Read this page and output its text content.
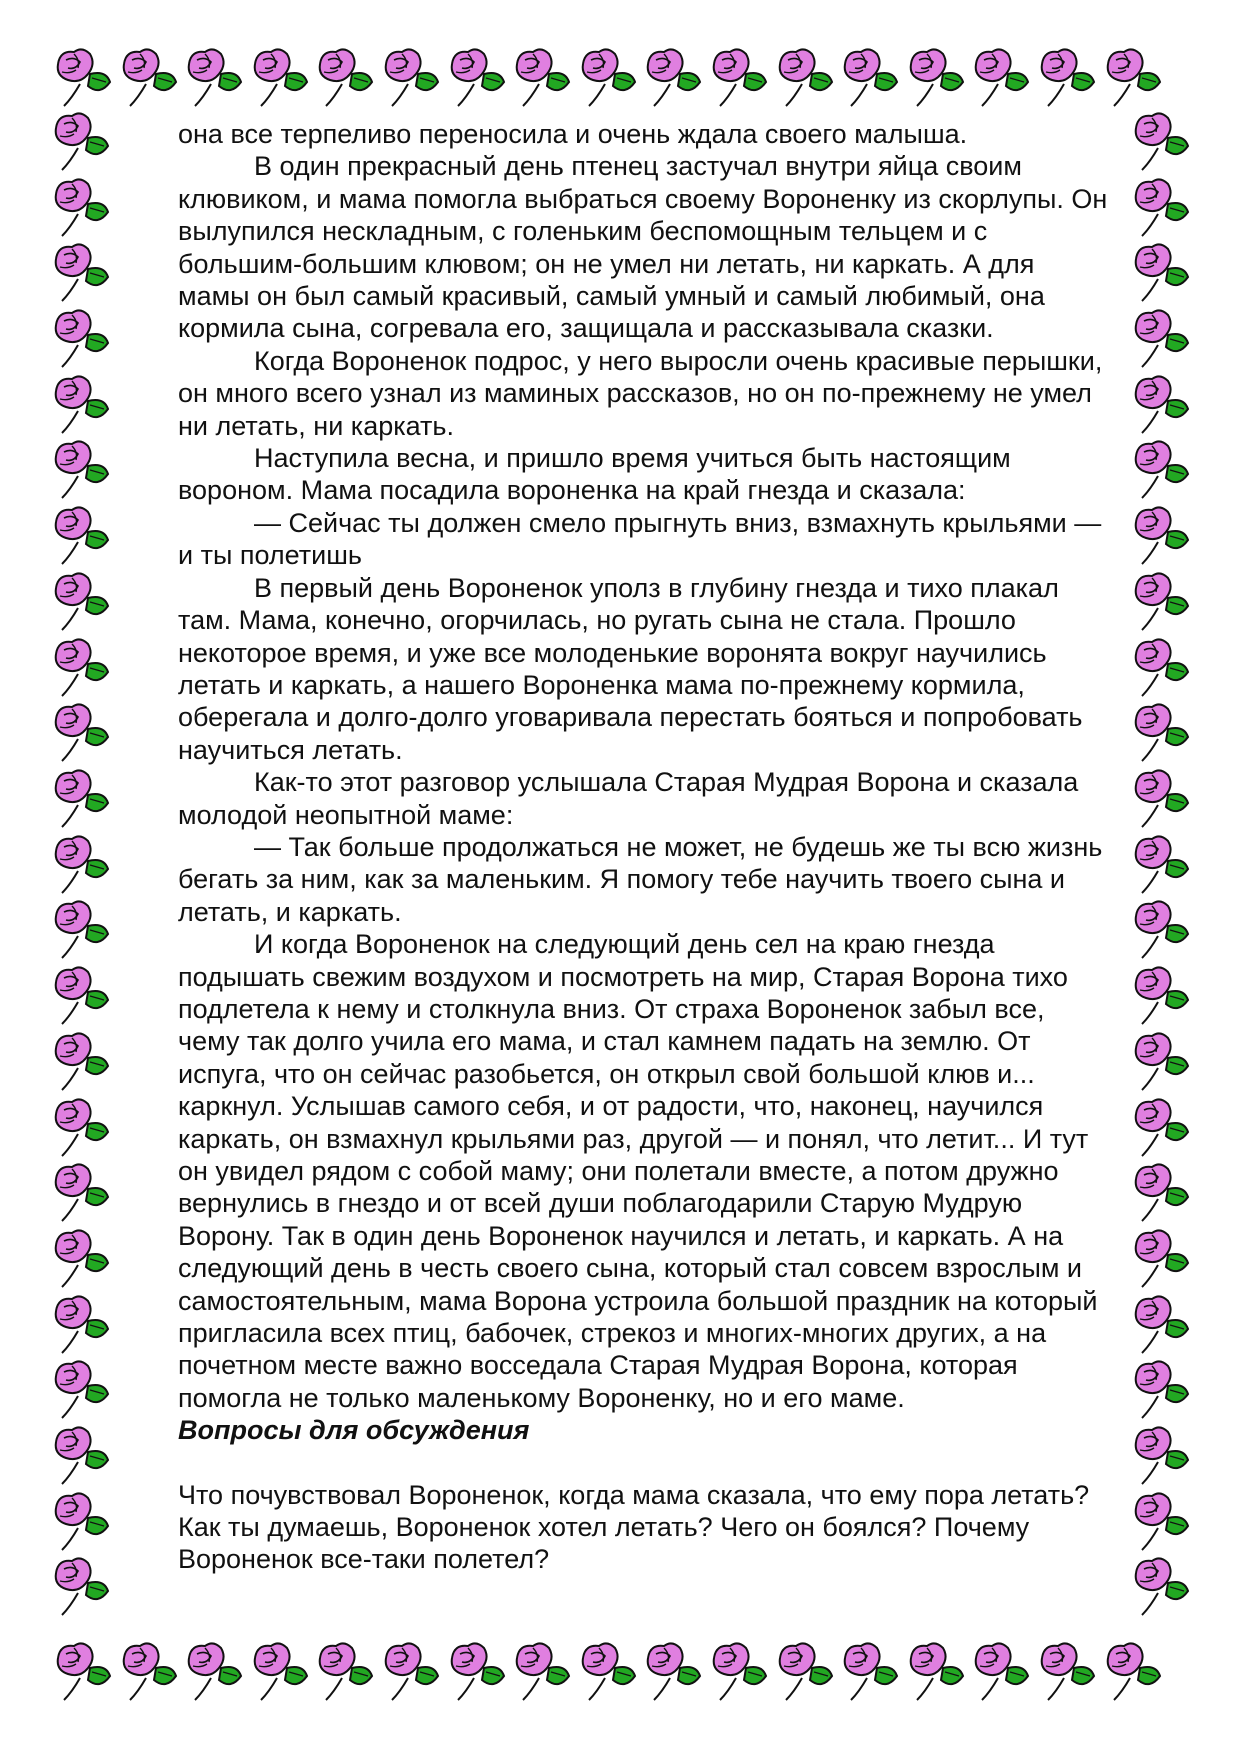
она все терпеливо переносила и очень ждала своего малыша.

В один прекрасный день птенец застучал внутри яйца своим

клювиком, и мама помогла выбраться своему Вороненку из скорлупы. Он

вылупился нескладным, с голеньким беспомощным тельцем и с

большим-большим клювом; он не умел ни летать, ни каркать. А для

мамы он был самый красивый, самый умный и самый любимый, она

кормила сына, согревала его, защищала и рассказывала сказки.

Когда Вороненок подрос, у него выросли очень красивые перышки,

он много всего узнал из маминых рассказов, но он по-прежнему не умел

ни летать, ни каркать.

Наступила весна, и пришло время учиться быть настоящим

вороном. Мама посадила вороненка на край гнезда и сказала:

— Сейчас ты должен смело прыгнуть вниз, взмахнуть крыльями —

и ты полетишь

В первый день Вороненок уполз в глубину гнезда и тихо плакал

там. Мама, конечно, огорчилась, но ругать сына не стала. Прошло

некоторое время, и уже все молоденькие воронята вокруг научились

летать и каркать, а нашего Вороненка мама по-прежнему кормила,

оберегала и долго-долго уговаривала перестать бояться и попробовать

научиться летать.

Как-то этот разговор услышала Старая Мудрая Ворона и сказала

молодой неопытной маме:

— Так больше продолжаться не может, не будешь же ты всю жизнь

бегать за ним, как за маленьким. Я помогу тебе научить твоего сына и

летать, и каркать.

И когда Вороненок на следующий день сел на краю гнезда

подышать свежим воздухом и посмотреть на мир, Старая Ворона тихо

подлетела к нему и столкнула вниз. От страха Вороненок забыл все,

чему так долго учила его мама, и стал камнем падать на землю. От

испуга, что он сейчас разобьется, он открыл свой большой клюв и...

каркнул. Услышав самого себя, и от радости, что, наконец, научился

каркать, он взмахнул крыльями раз, другой — и понял, что летит... И тут

он увидел рядом с собой маму; они полетали вместе, а потом дружно

вернулись в гнездо и от всей души поблагодарили Старую Мудрую

Ворону. Так в один день Вороненок научился и летать, и каркать. А на

следующий день в честь своего сына, который стал совсем взрослым и

самостоятельным, мама Ворона устроила большой праздник на который

пригласила всех птиц, бабочек, стрекоз и многих-многих других, а на

почетном месте важно восседала Старая Мудрая Ворона, которая

помогла не только маленькому Вороненку, но и его маме.

Вопросы для обсуждения

Что почувствовал Вороненок, когда мама сказала, что ему пора летать?

Как ты думаешь, Вороненок хотел летать? Чего он боялся? Почему

Вороненок все-таки полетел?
